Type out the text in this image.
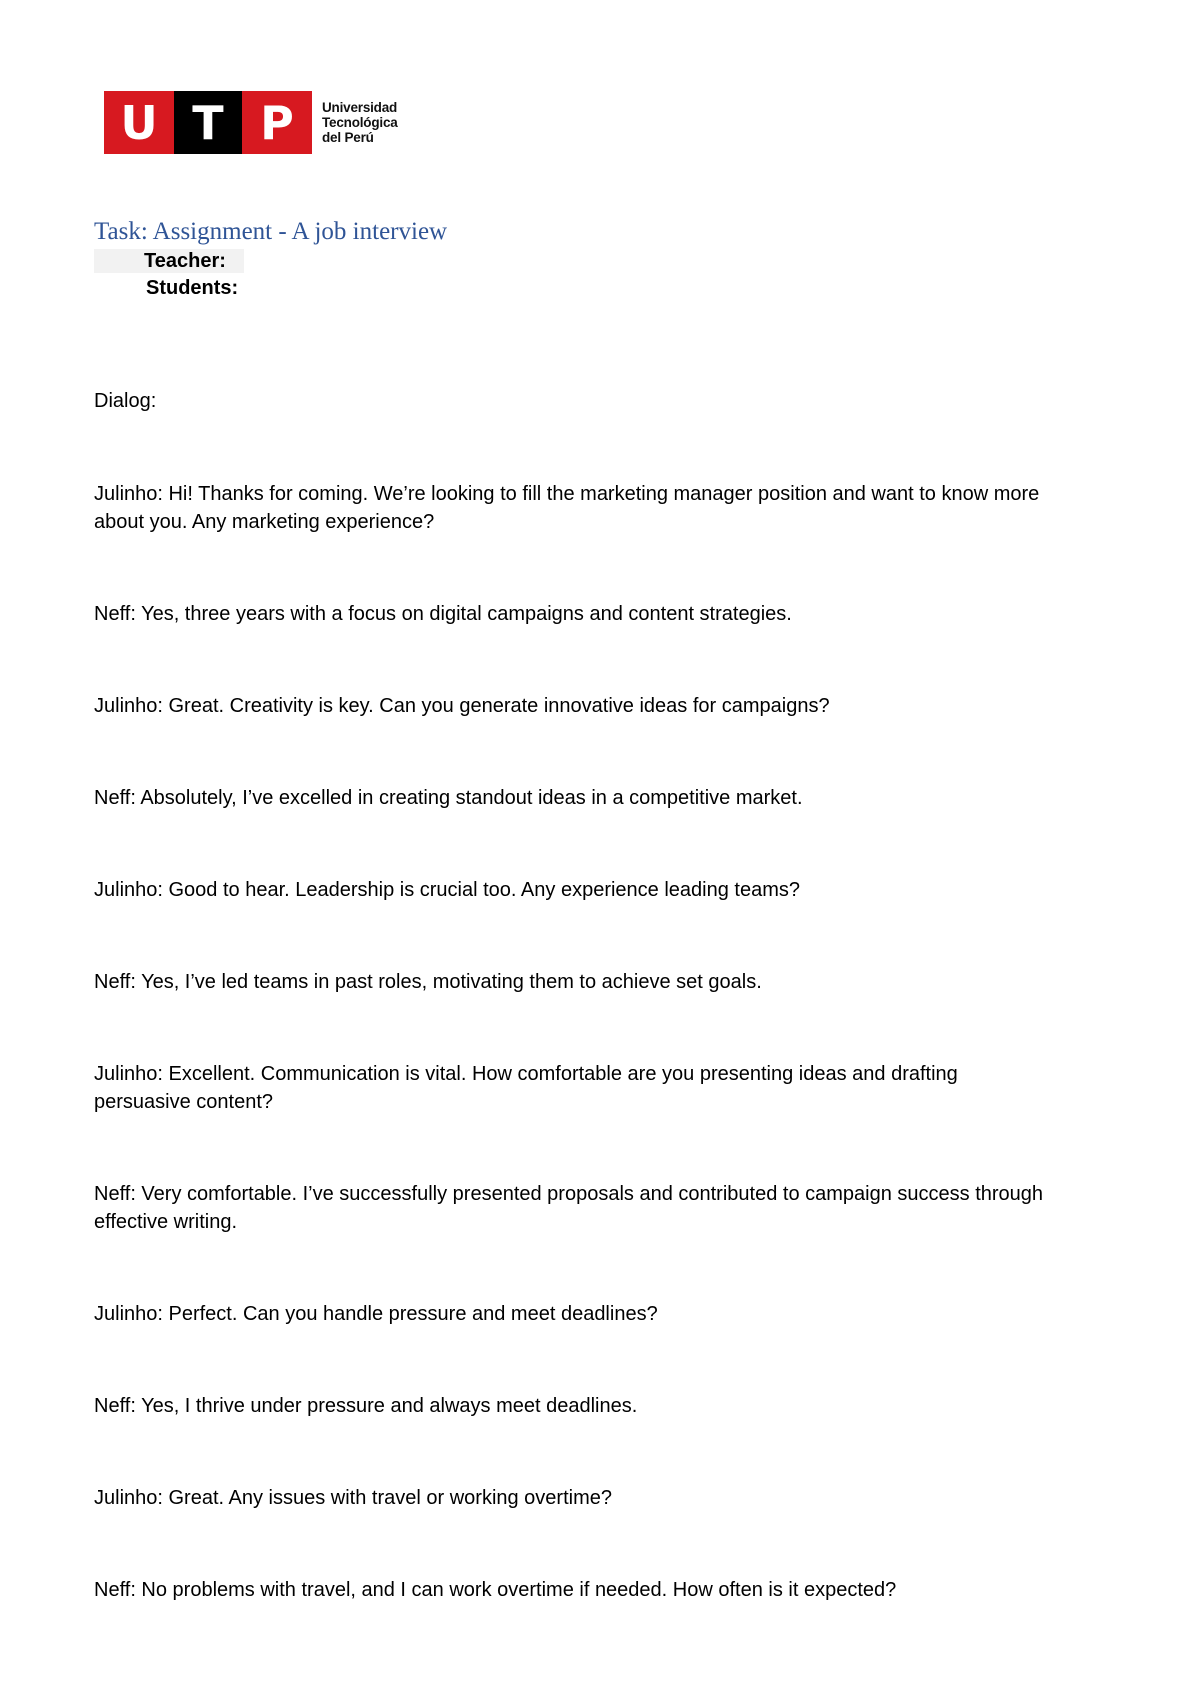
U T P	Universidad
Tecnológica
del Perú
Task: Assignment - A job interview
Teacher:
Students:
Dialog:

Julinho: Hi! Thanks for coming. We’re looking to fill the marketing manager position and want to know more about you. Any marketing experience?

Neff: Yes, three years with a focus on digital campaigns and content strategies.

Julinho: Great. Creativity is key. Can you generate innovative ideas for campaigns?

Neff: Absolutely, I’ve excelled in creating standout ideas in a competitive market.

Julinho: Good to hear. Leadership is crucial too. Any experience leading teams?

Neff: Yes, I’ve led teams in past roles, motivating them to achieve set goals.

Julinho: Excellent. Communication is vital. How comfortable are you presenting ideas and drafting persuasive content?

Neff: Very comfortable. I’ve successfully presented proposals and contributed to campaign success through effective writing.

Julinho: Perfect. Can you handle pressure and meet deadlines?

Neff: Yes, I thrive under pressure and always meet deadlines.

Julinho: Great. Any issues with travel or working overtime?

Neff: No problems with travel, and I can work overtime if needed. How often is it expected?
